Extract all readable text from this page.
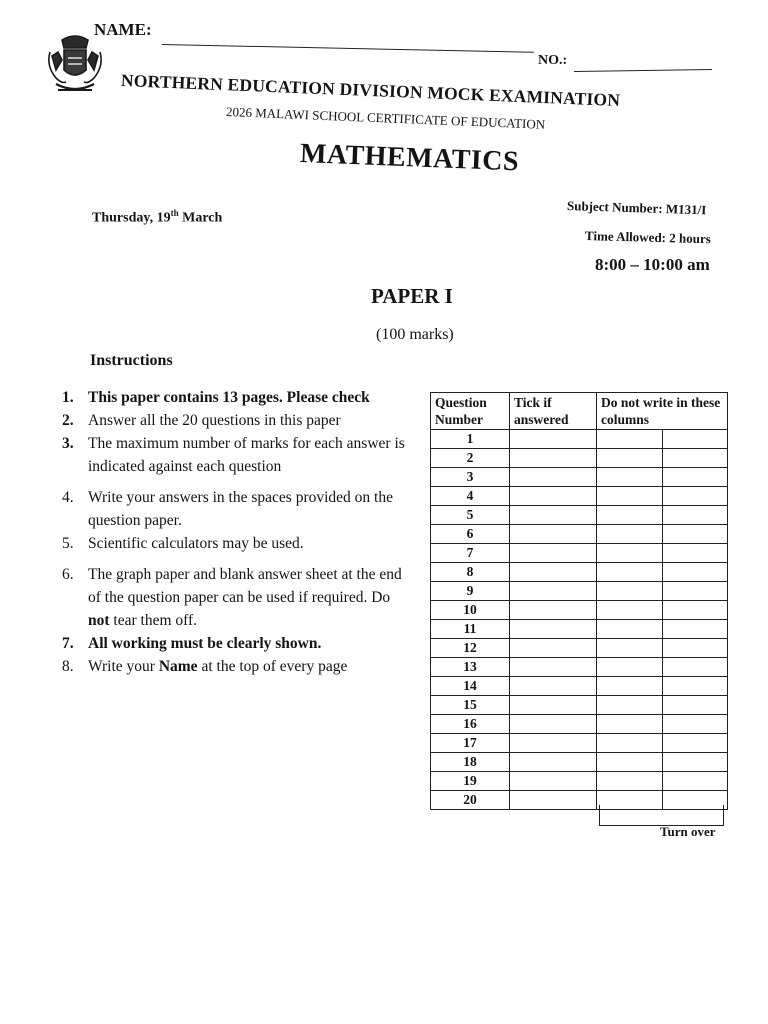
NAME:
NO.:
NORTHERN EDUCATION DIVISION MOCK EXAMINATION
2026 MALAWI SCHOOL CERTIFICATE OF EDUCATION
MATHEMATICS
Thursday, 19th March
Subject Number: M131/I
Time Allowed: 2 hours
8:00 – 10:00 am
PAPER I
(100 marks)
Instructions
1. This paper contains 13 pages. Please check
2. Answer all the 20 questions in this paper
3. The maximum number of marks for each answer is indicated against each question
4. Write your answers in the spaces provided on the question paper.
5. Scientific calculators may be used.
6. The graph paper and blank answer sheet at the end of the question paper can be used if required. Do not tear them off.
7. All working must be clearly shown.
8. Write your Name at the top of every page
Question Number	Tick if answered	Do not write in these columns	
1			
2			
3			
4			
5			
6			
7			
8			
9			
10			
11			
12			
13			
14			
15			
16			
17			
18			
19			
20			
Turn over
